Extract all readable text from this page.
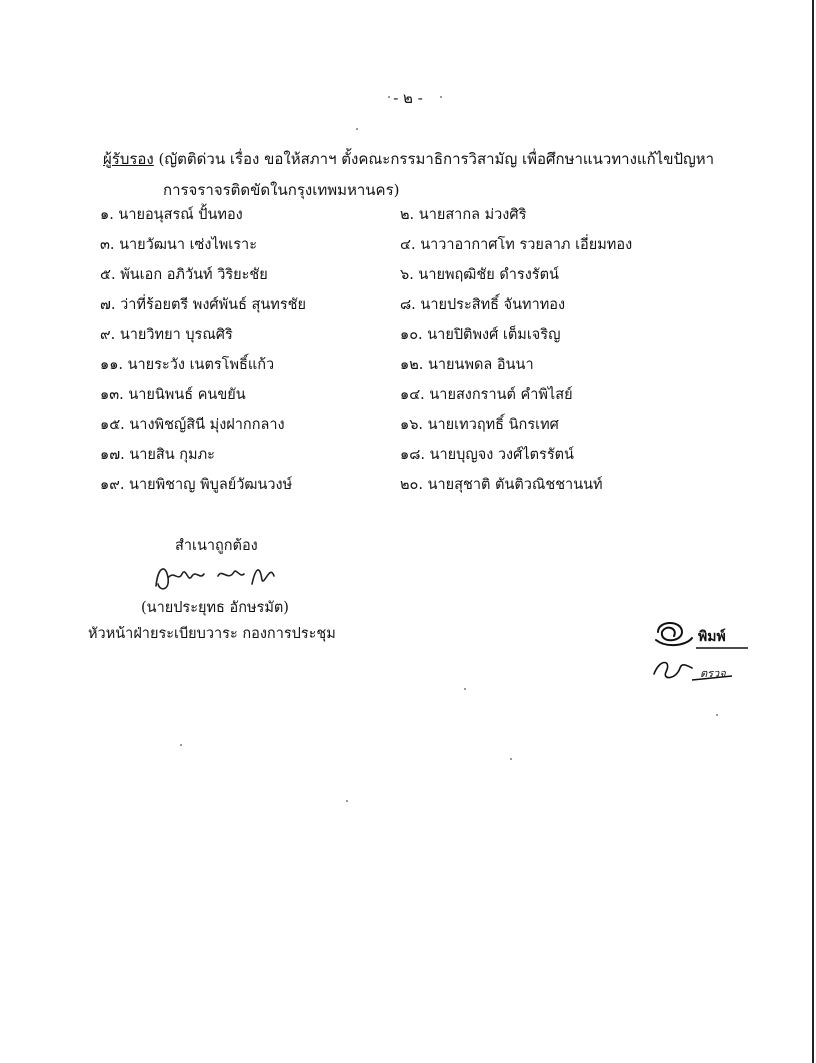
- ๒ -
ผู้รับรอง (ญัตติด่วน เรื่อง ขอให้สภาฯ ตั้งคณะกรรมาธิการวิสามัญ เพื่อศึกษาแนวทางแก้ไขปัญหา
การจราจรติดขัดในกรุงเทพมหานคร)
๑. นายอนุสรณ์ ปั้นทอง	๒. นายสากล ม่วงศิริ
๓. นายวัฒนา เซ่งไพเราะ	๔. นาวาอากาศโท รวยลาภ เอี่ยมทอง
๕. พันเอก อภิวันท์ วิริยะชัย	๖. นายพฤฒิชัย ดำรงรัตน์
๗. ว่าที่ร้อยตรี พงศ์พันธ์ สุนทรชัย	๘. นายประสิทธิ์ จันทาทอง
๙. นายวิทยา บุรณศิริ	๑๐. นายปิติพงศ์ เต็มเจริญ
๑๑. นายระวัง เนตรโพธิ์แก้ว	๑๒. นายนพดล อินนา
๑๓. นายนิพนธ์ คนขยัน	๑๔. นายสงกรานต์ คำพิไสย์
๑๕. นางพิชญ์สินี มุ่งฝากกลาง	๑๖. นายเทวฤทธิ์ นิกรเทศ
๑๗. นายสิน กุมภะ	๑๘. นายบุญจง วงศ์ไตรรัตน์
๑๙. นายพิชาญ พิบูลย์วัฒนวงษ์	๒๐. นายสุชาติ ตันติวณิชชานนท์
สำเนาถูกต้อง
(นายประยุทธ อักษรมัต)
หัวหน้าฝ่ายระเบียบวาระ กองการประชุม	พิมพ์
ตรวจ
